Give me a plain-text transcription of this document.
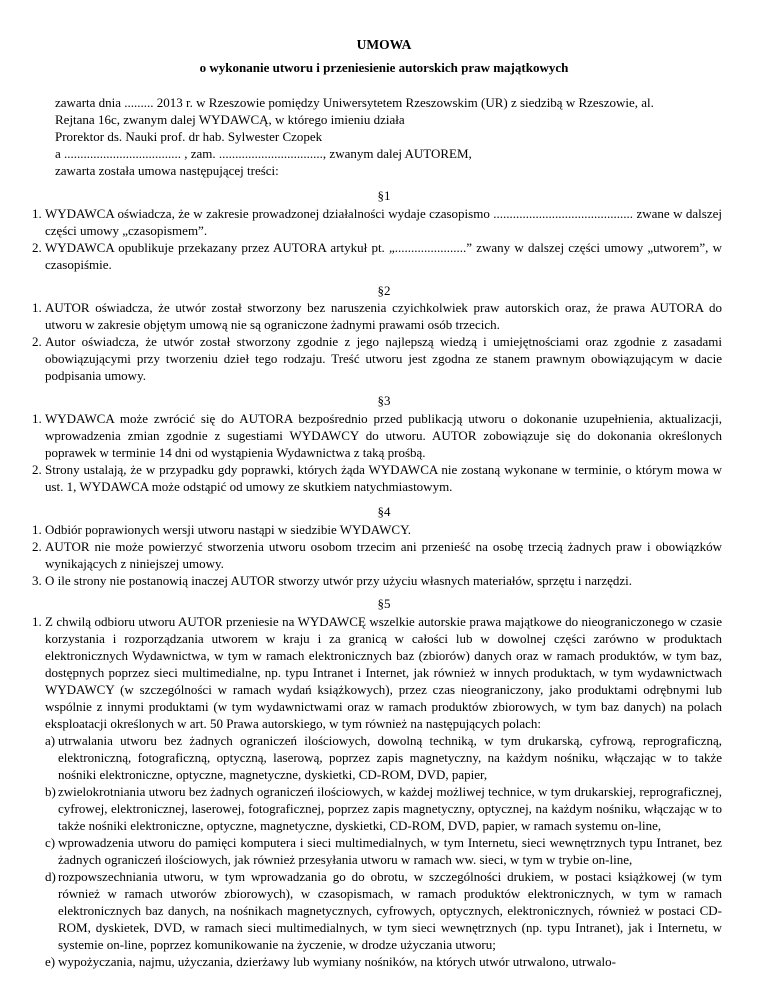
UMOWA
o wykonanie utworu i przeniesienie autorskich praw majątkowych
zawarta dnia ......... 2013 r. w Rzeszowie pomiędzy Uniwersytetem Rzeszowskim (UR) z siedzibą w Rzeszowie, al.
Rejtana 16c, zwanym dalej WYDAWCĄ, w którego imieniu działa
Prorektor ds. Nauki prof. dr hab. Sylwester Czopek
a .................................... , zam. ................................, zwanym dalej AUTOREM,
zawarta została umowa następującej treści:
§1
1. WYDAWCA oświadcza, że w zakresie prowadzonej działalności wydaje czasopismo ........................................... zwane w dalszej części umowy „czasopismem”.
2. WYDAWCA opublikuje przekazany przez AUTORA artykuł pt. „......................” zwany w dalszej części umowy „utworem”, w czasopiśmie.
§2
1. AUTOR oświadcza, że utwór został stworzony bez naruszenia czyichkolwiek praw autorskich oraz, że prawa AUTORA do utworu w zakresie objętym umową nie są ograniczone żadnymi prawami osób trzecich.
2. Autor oświadcza, że utwór został stworzony zgodnie z jego najlepszą wiedzą i umiejętnościami oraz zgodnie z zasadami obowiązującymi przy tworzeniu dzieł tego rodzaju. Treść utworu jest zgodna ze stanem prawnym obowiązującym w dacie podpisania umowy.
§3
1. WYDAWCA może zwrócić się do AUTORA bezpośrednio przed publikacją utworu o dokonanie uzupełnienia, aktualizacji, wprowadzenia zmian zgodnie z sugestiami WYDAWCY do utworu. AUTOR zobowiązuje się do dokonania określonych poprawek w terminie 14 dni od wystąpienia Wydawnictwa z taką prośbą.
2. Strony ustalają, że w przypadku gdy poprawki, których żąda WYDAWCA nie zostaną wykonane w terminie, o którym mowa w ust. 1, WYDAWCA może odstąpić od umowy ze skutkiem natychmiastowym.
§4
1. Odbiór poprawionych wersji utworu nastąpi w siedzibie WYDAWCY.
2. AUTOR nie może powierzyć stworzenia utworu osobom trzecim ani przenieść na osobę trzecią żadnych praw i obowiązków wynikających z niniejszej umowy.
3. O ile strony nie postanowią inaczej AUTOR stworzy utwór przy użyciu własnych materiałów, sprzętu i narzędzi.
§5
1. Z chwilą odbioru utworu AUTOR przeniesie na WYDAWCĘ wszelkie autorskie prawa majątkowe do nieograniczonego w czasie korzystania i rozporządzania utworem w kraju i za granicą w całości lub w dowolnej części zarówno w produktach elektronicznych Wydawnictwa, w tym w ramach elektronicznych baz (zbiorów) danych oraz w ramach produktów, w tym baz, dostępnych poprzez sieci multimedialne, np. typu Intranet i Internet, jak również w innych produktach, w tym wydawnictwach WYDAWCY (w szczególności w ramach wydań książkowych), przez czas nieograniczony, jako produktami odrębnymi lub wspólnie z innymi produktami (w tym wydawnictwami oraz w ramach produktów zbiorowych, w tym baz danych) na polach eksploatacji określonych w art. 50 Prawa autorskiego, w tym również na następujących polach:
a) utrwalania utworu bez żadnych ograniczeń ilościowych, dowolną techniką, w tym drukarską, cyfrową, reprograficzną, elektroniczną, fotograficzną, optyczną, laserową, poprzez zapis magnetyczny, na każdym nośniku, włączając w to także nośniki elektroniczne, optyczne, magnetyczne, dyskietki, CD-ROM, DVD, papier,
b) zwielokrotniania utworu bez żadnych ograniczeń ilościowych, w każdej możliwej technice, w tym drukarskiej, reprograficznej, cyfrowej, elektronicznej, laserowej, fotograficznej, poprzez zapis magnetyczny, optycznej, na każdym nośniku, włączając w to także nośniki elektroniczne, optyczne, magnetyczne, dyskietki, CD-ROM, DVD, papier, w ramach systemu on-line,
c) wprowadzenia utworu do pamięci komputera i sieci multimedialnych, w tym Internetu, sieci wewnętrznych typu Intranet, bez żadnych ograniczeń ilościowych, jak również przesyłania utworu w ramach ww. sieci, w tym w trybie on-line,
d) rozpowszechniania utworu, w tym wprowadzania go do obrotu, w szczególności drukiem, w postaci książkowej (w tym również w ramach utworów zbiorowych), w czasopismach, w ramach produktów elektronicznych, w tym w ramach elektronicznych baz danych, na nośnikach magnetycznych, cyfrowych, optycznych, elektronicznych, również w postaci CD-ROM, dyskietek, DVD, w ramach sieci multimedialnych, w tym sieci wewnętrznych (np. typu Intranet), jak i Internetu, w systemie on-line, poprzez komunikowanie na życzenie, w drodze użyczania utworu;
e) wypożyczania, najmu, użyczania, dzierżawy lub wymiany nośników, na których utwór utrwalono, utrwalo-
